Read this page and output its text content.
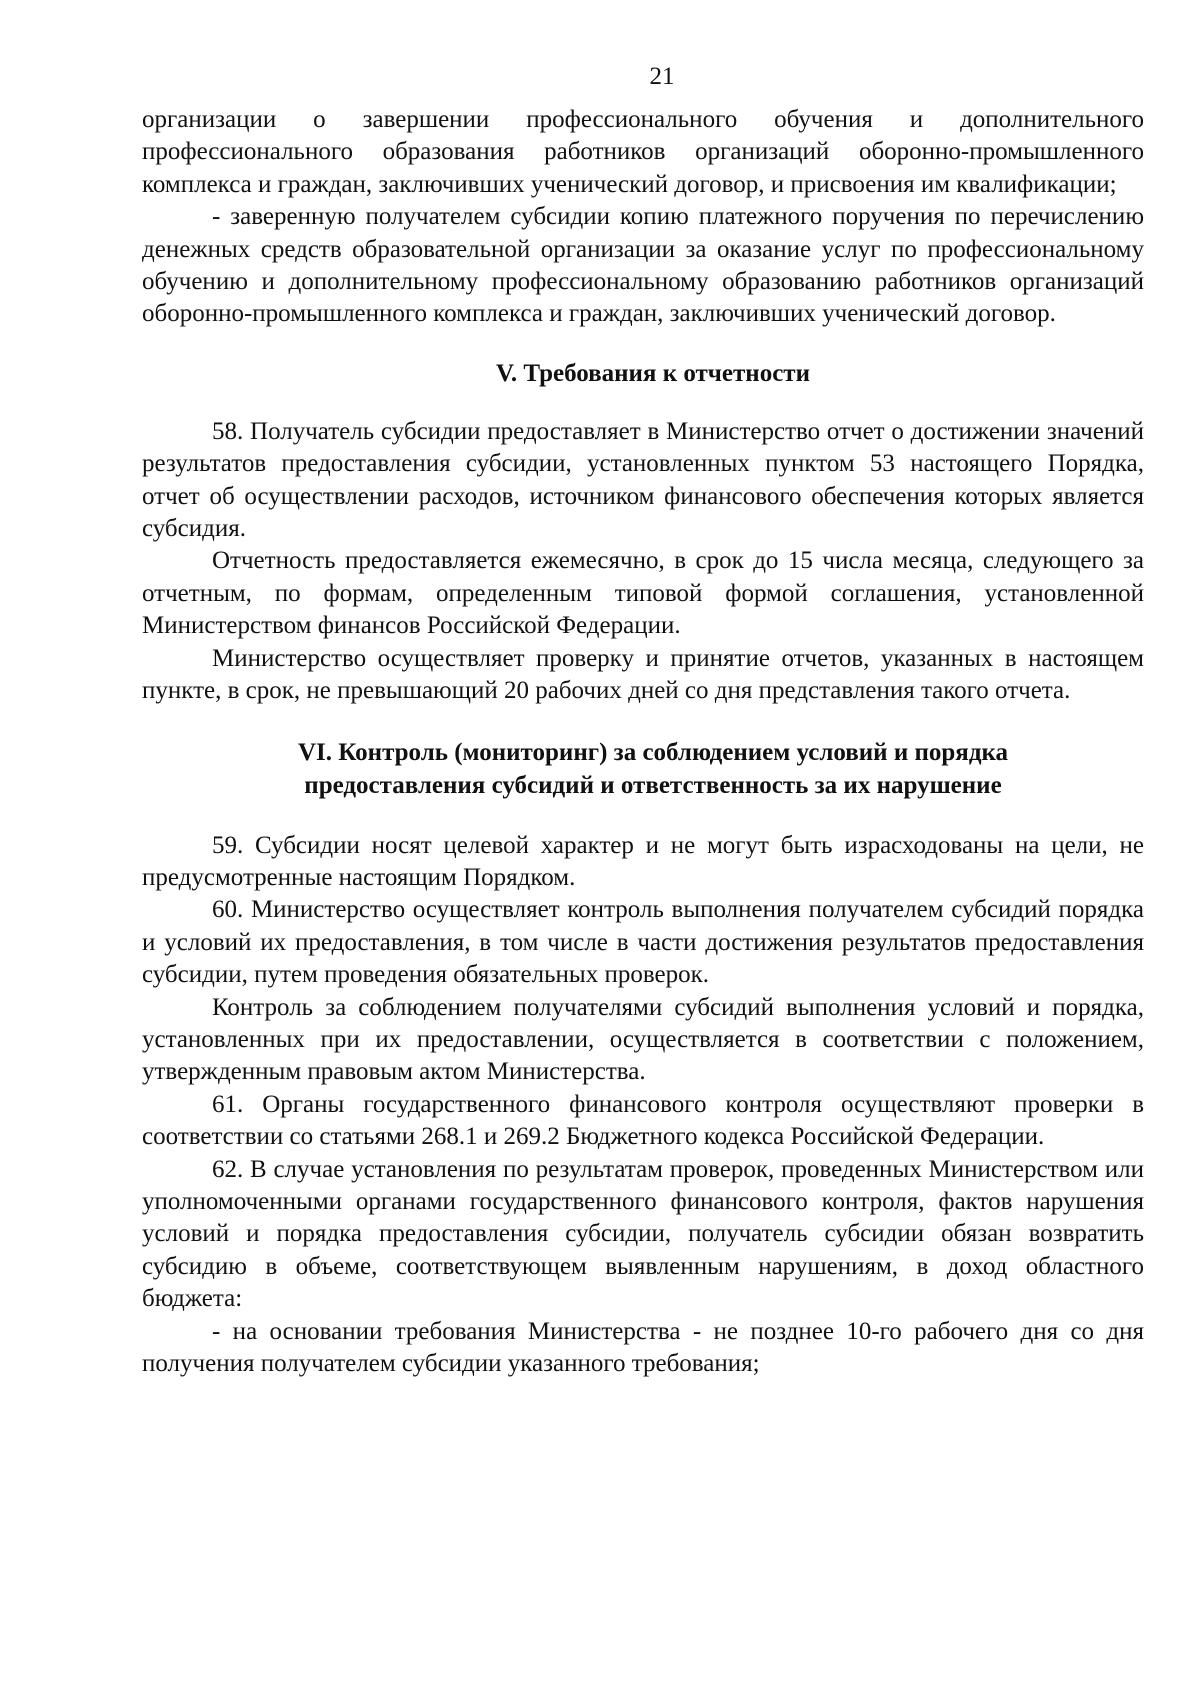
21

организации о завершении профессионального обучения и дополнительного профессионального образования работников организаций оборонно-промышленного комплекса и граждан, заключивших ученический договор, и присвоения им квалификации;

- заверенную получателем субсидии копию платежного поручения по перечислению денежных средств образовательной организации за оказание услуг по профессиональному обучению и дополнительному профессиональному образованию работников организаций оборонно-промышленного комплекса и граждан, заключивших ученический договор.

V. Требования к отчетности

58. Получатель субсидии предоставляет в Министерство отчет о достижении значений результатов предоставления субсидии, установленных пунктом 53 настоящего Порядка, отчет об осуществлении расходов, источником финансового обеспечения которых является субсидия.

Отчетность предоставляется ежемесячно, в срок до 15 числа месяца, следующего за отчетным, по формам, определенным типовой формой соглашения, установленной Министерством финансов Российской Федерации.

Министерство осуществляет проверку и принятие отчетов, указанных в настоящем пункте, в срок, не превышающий 20 рабочих дней со дня представления такого отчета.

VI. Контроль (мониторинг) за соблюдением условий и порядка
предоставления субсидий и ответственность за их нарушение

59. Субсидии носят целевой характер и не могут быть израсходованы на цели, не предусмотренные настоящим Порядком.

60. Министерство осуществляет контроль выполнения получателем субсидий порядка и условий их предоставления, в том числе в части достижения результатов предоставления субсидии, путем проведения обязательных проверок.

Контроль за соблюдением получателями субсидий выполнения условий и порядка, установленных при их предоставлении, осуществляется в соответствии с положением, утвержденным правовым актом Министерства.

61. Органы государственного финансового контроля осуществляют проверки в соответствии со статьями 268.1 и 269.2 Бюджетного кодекса Российской Федерации.

62. В случае установления по результатам проверок, проведенных Министерством или уполномоченными органами государственного финансового контроля, фактов нарушения условий и порядка предоставления субсидии, получатель субсидии обязан возвратить субсидию в объеме, соответствующем выявленным нарушениям, в доход областного бюджета:

- на основании требования Министерства - не позднее 10-го рабочего дня со дня получения получателем субсидии указанного требования;
